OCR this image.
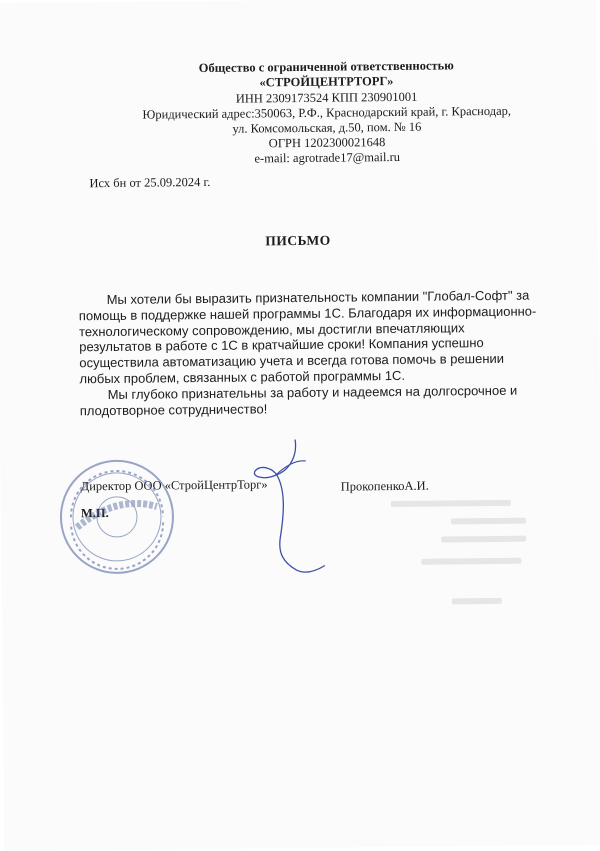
Общество с ограниченной ответственностью
«СТРОЙЦЕНТРТОРГ»
ИНН 2309173524 КПП 230901001
Юридический адрес:350063, Р.Ф., Краснодарский край, г. Краснодар,
ул. Комсомольская, д.50, пом. № 16
ОГРН 1202300021648
e-mail: agrotrade17@mail.ru
Исх бн от 25.09.2024 г.
ПИСЬМО

Мы хотели бы выразить признательность компании "Глобал-Софт" за помощь в поддержке нашей программы 1С. Благодаря их информационно-технологическому сопровождению, мы достигли впечатляющих результатов в работе с 1С в кратчайшие сроки! Компания успешно осуществила автоматизацию учета и всегда готова помочь в решении любых проблем, связанных с работой программы 1С.

Мы глубоко признательны за работу и надеемся на долгосрочное и плодотворное сотрудничество!

Директор ООО «СтройЦентрТорг»	ПрокопенкоА.И.
М.П.
